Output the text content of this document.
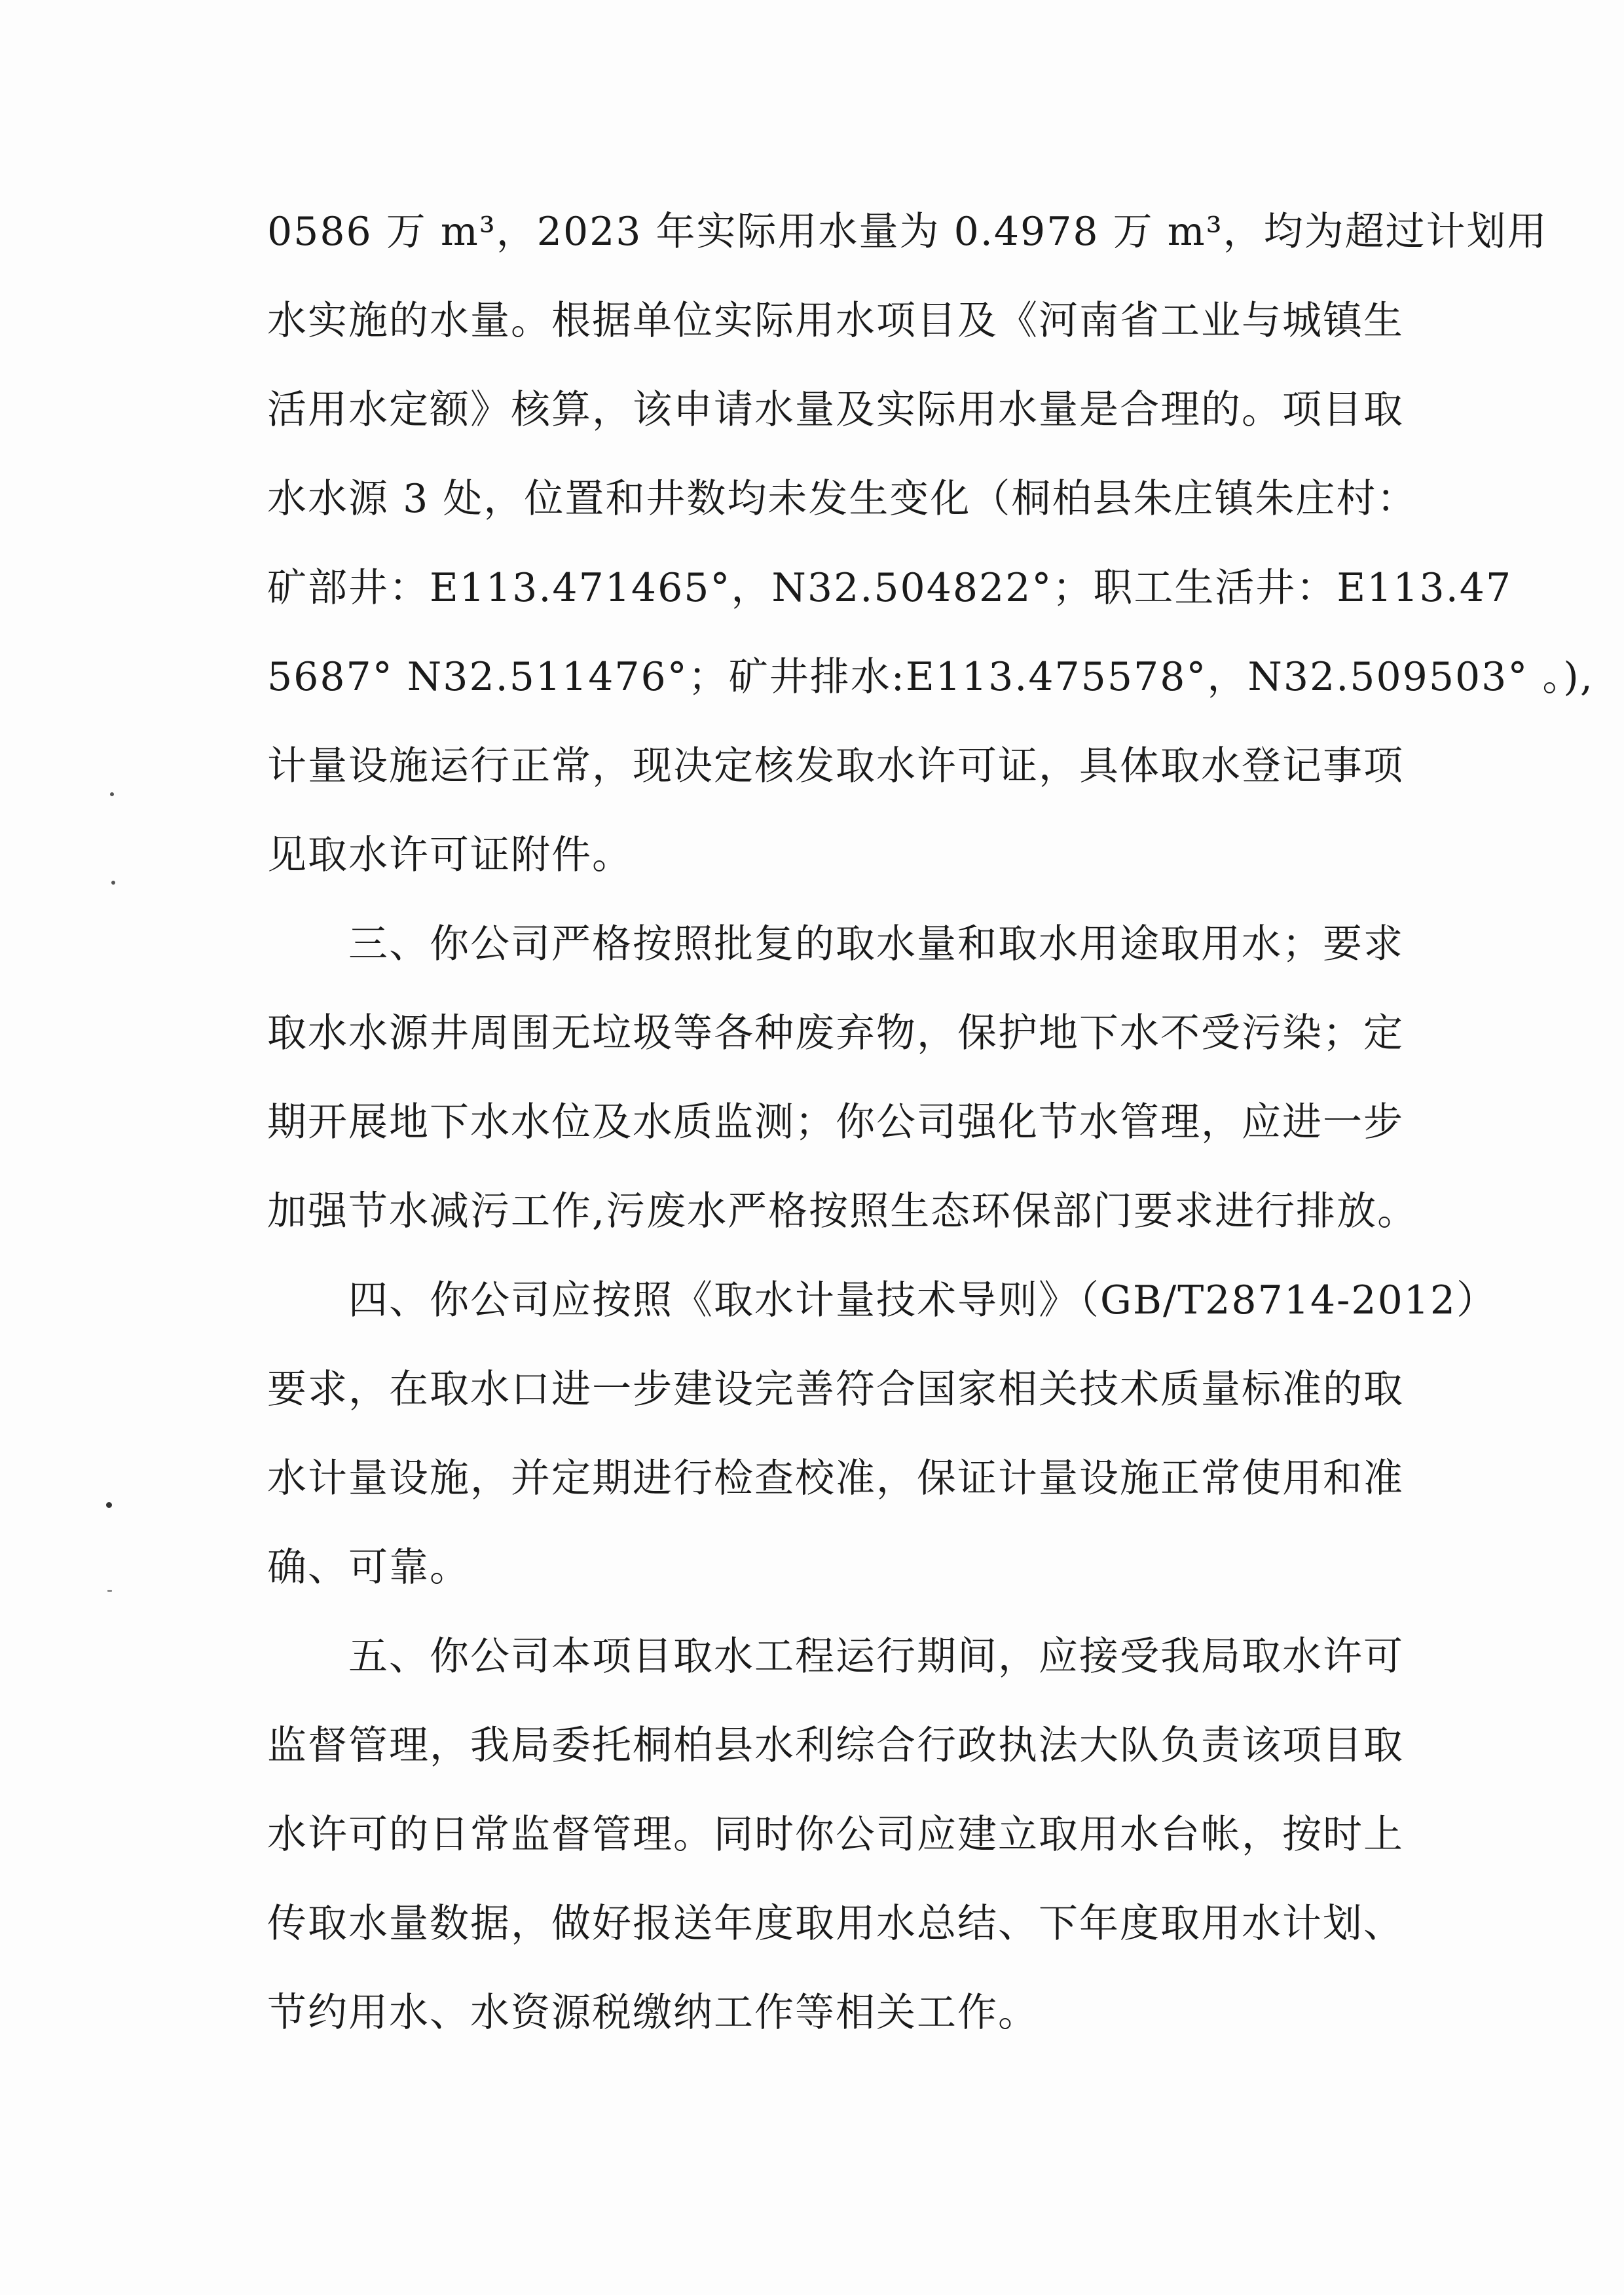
0586 万 m³，2023 年实际用水量为 0.4978 万 m³，均为超过计划用
水实施的水量。根据单位实际用水项目及《河南省工业与城镇生
活用水定额》核算，该申请水量及实际用水量是合理的。项目取
水水源 3 处，位置和井数均未发生变化（桐柏县朱庄镇朱庄村：
矿部井：E113.471465°，N32.504822°；职工生活井：E113.47
5687° N32.511476°；矿井排水:E113.475578°，N32.509503° 。),
计量设施运行正常，现决定核发取水许可证，具体取水登记事项
见取水许可证附件。
三、你公司严格按照批复的取水量和取水用途取用水；要求
取水水源井周围无垃圾等各种废弃物，保护地下水不受污染；定
期开展地下水水位及水质监测；你公司强化节水管理，应进一步
加强节水减污工作,污废水严格按照生态环保部门要求进行排放。
四、你公司应按照《取水计量技术导则》（GB/T28714-2012）
要求，在取水口进一步建设完善符合国家相关技术质量标准的取
水计量设施，并定期进行检查校准，保证计量设施正常使用和准
确、可靠。
五、你公司本项目取水工程运行期间，应接受我局取水许可
监督管理，我局委托桐柏县水利综合行政执法大队负责该项目取
水许可的日常监督管理。同时你公司应建立取用水台帐，按时上
传取水量数据，做好报送年度取用水总结、下年度取用水计划、
节约用水、水资源税缴纳工作等相关工作。
